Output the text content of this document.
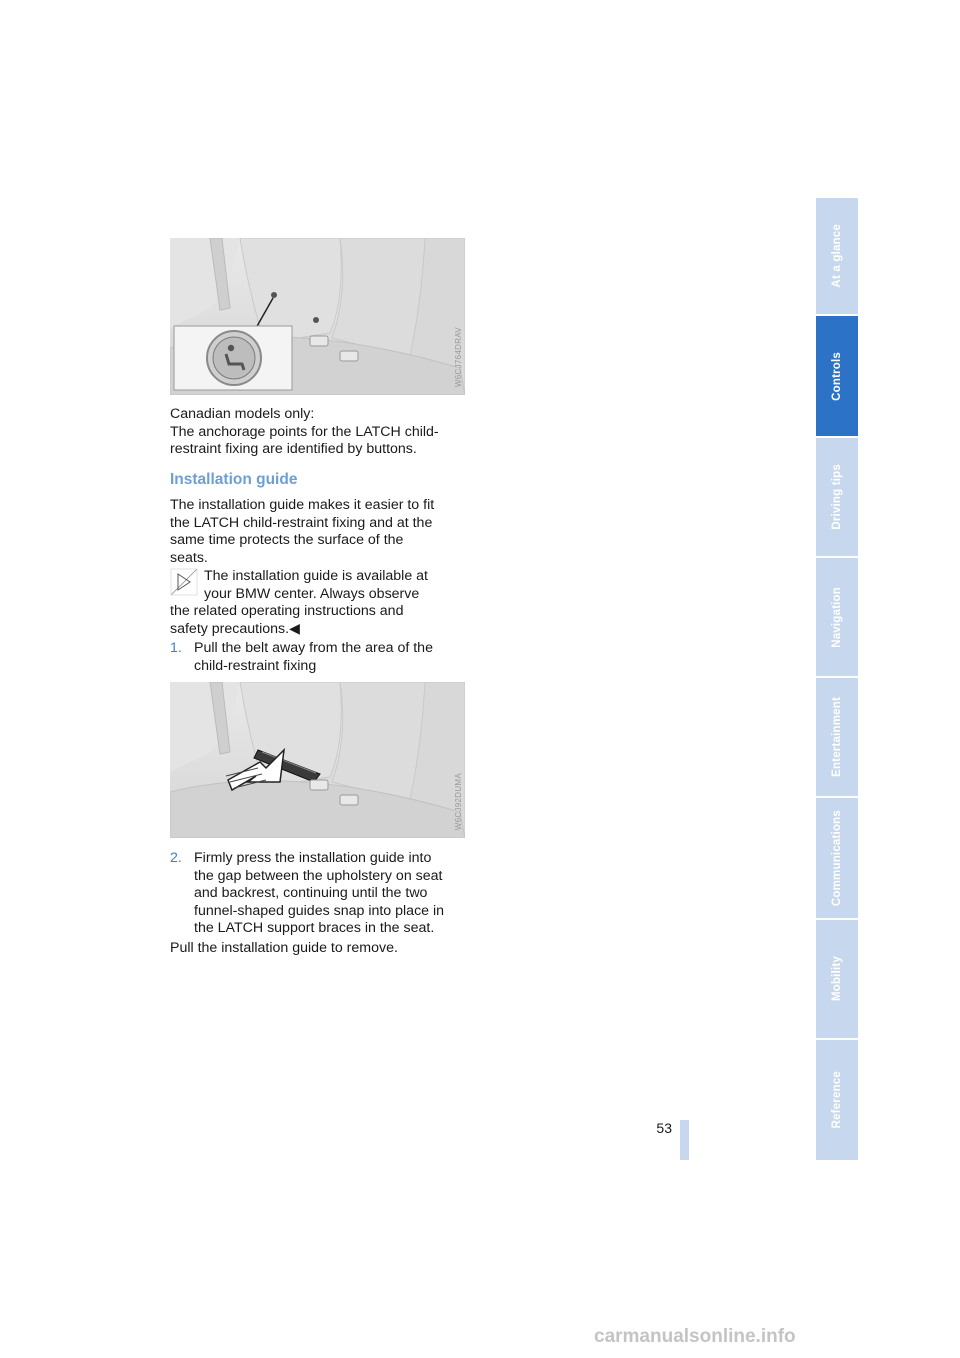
W6CJ764DRAV
Canadian models only:
The anchorage points for the LATCH child-
restraint fixing are identified by buttons.
Installation guide
The installation guide makes it easier to fit
the LATCH child-restraint fixing and at the
same time protects the surface of the
seats.
The installation guide is available at
your BMW center. Always observe
the related operating instructions and
safety precautions.◀
1. Pull the belt away from the area of the
child-restraint fixing
W6CJ92DUMA
2. Firmly press the installation guide into
the gap between the upholstery on seat
and backrest, continuing until the two
funnel-shaped guides snap into place in
the LATCH support braces in the seat.
Pull the installation guide to remove.
At a glance
Controls
Driving tips
Navigation
Entertainment
Communications
Mobility
Reference
53
carmanualsonline.info
